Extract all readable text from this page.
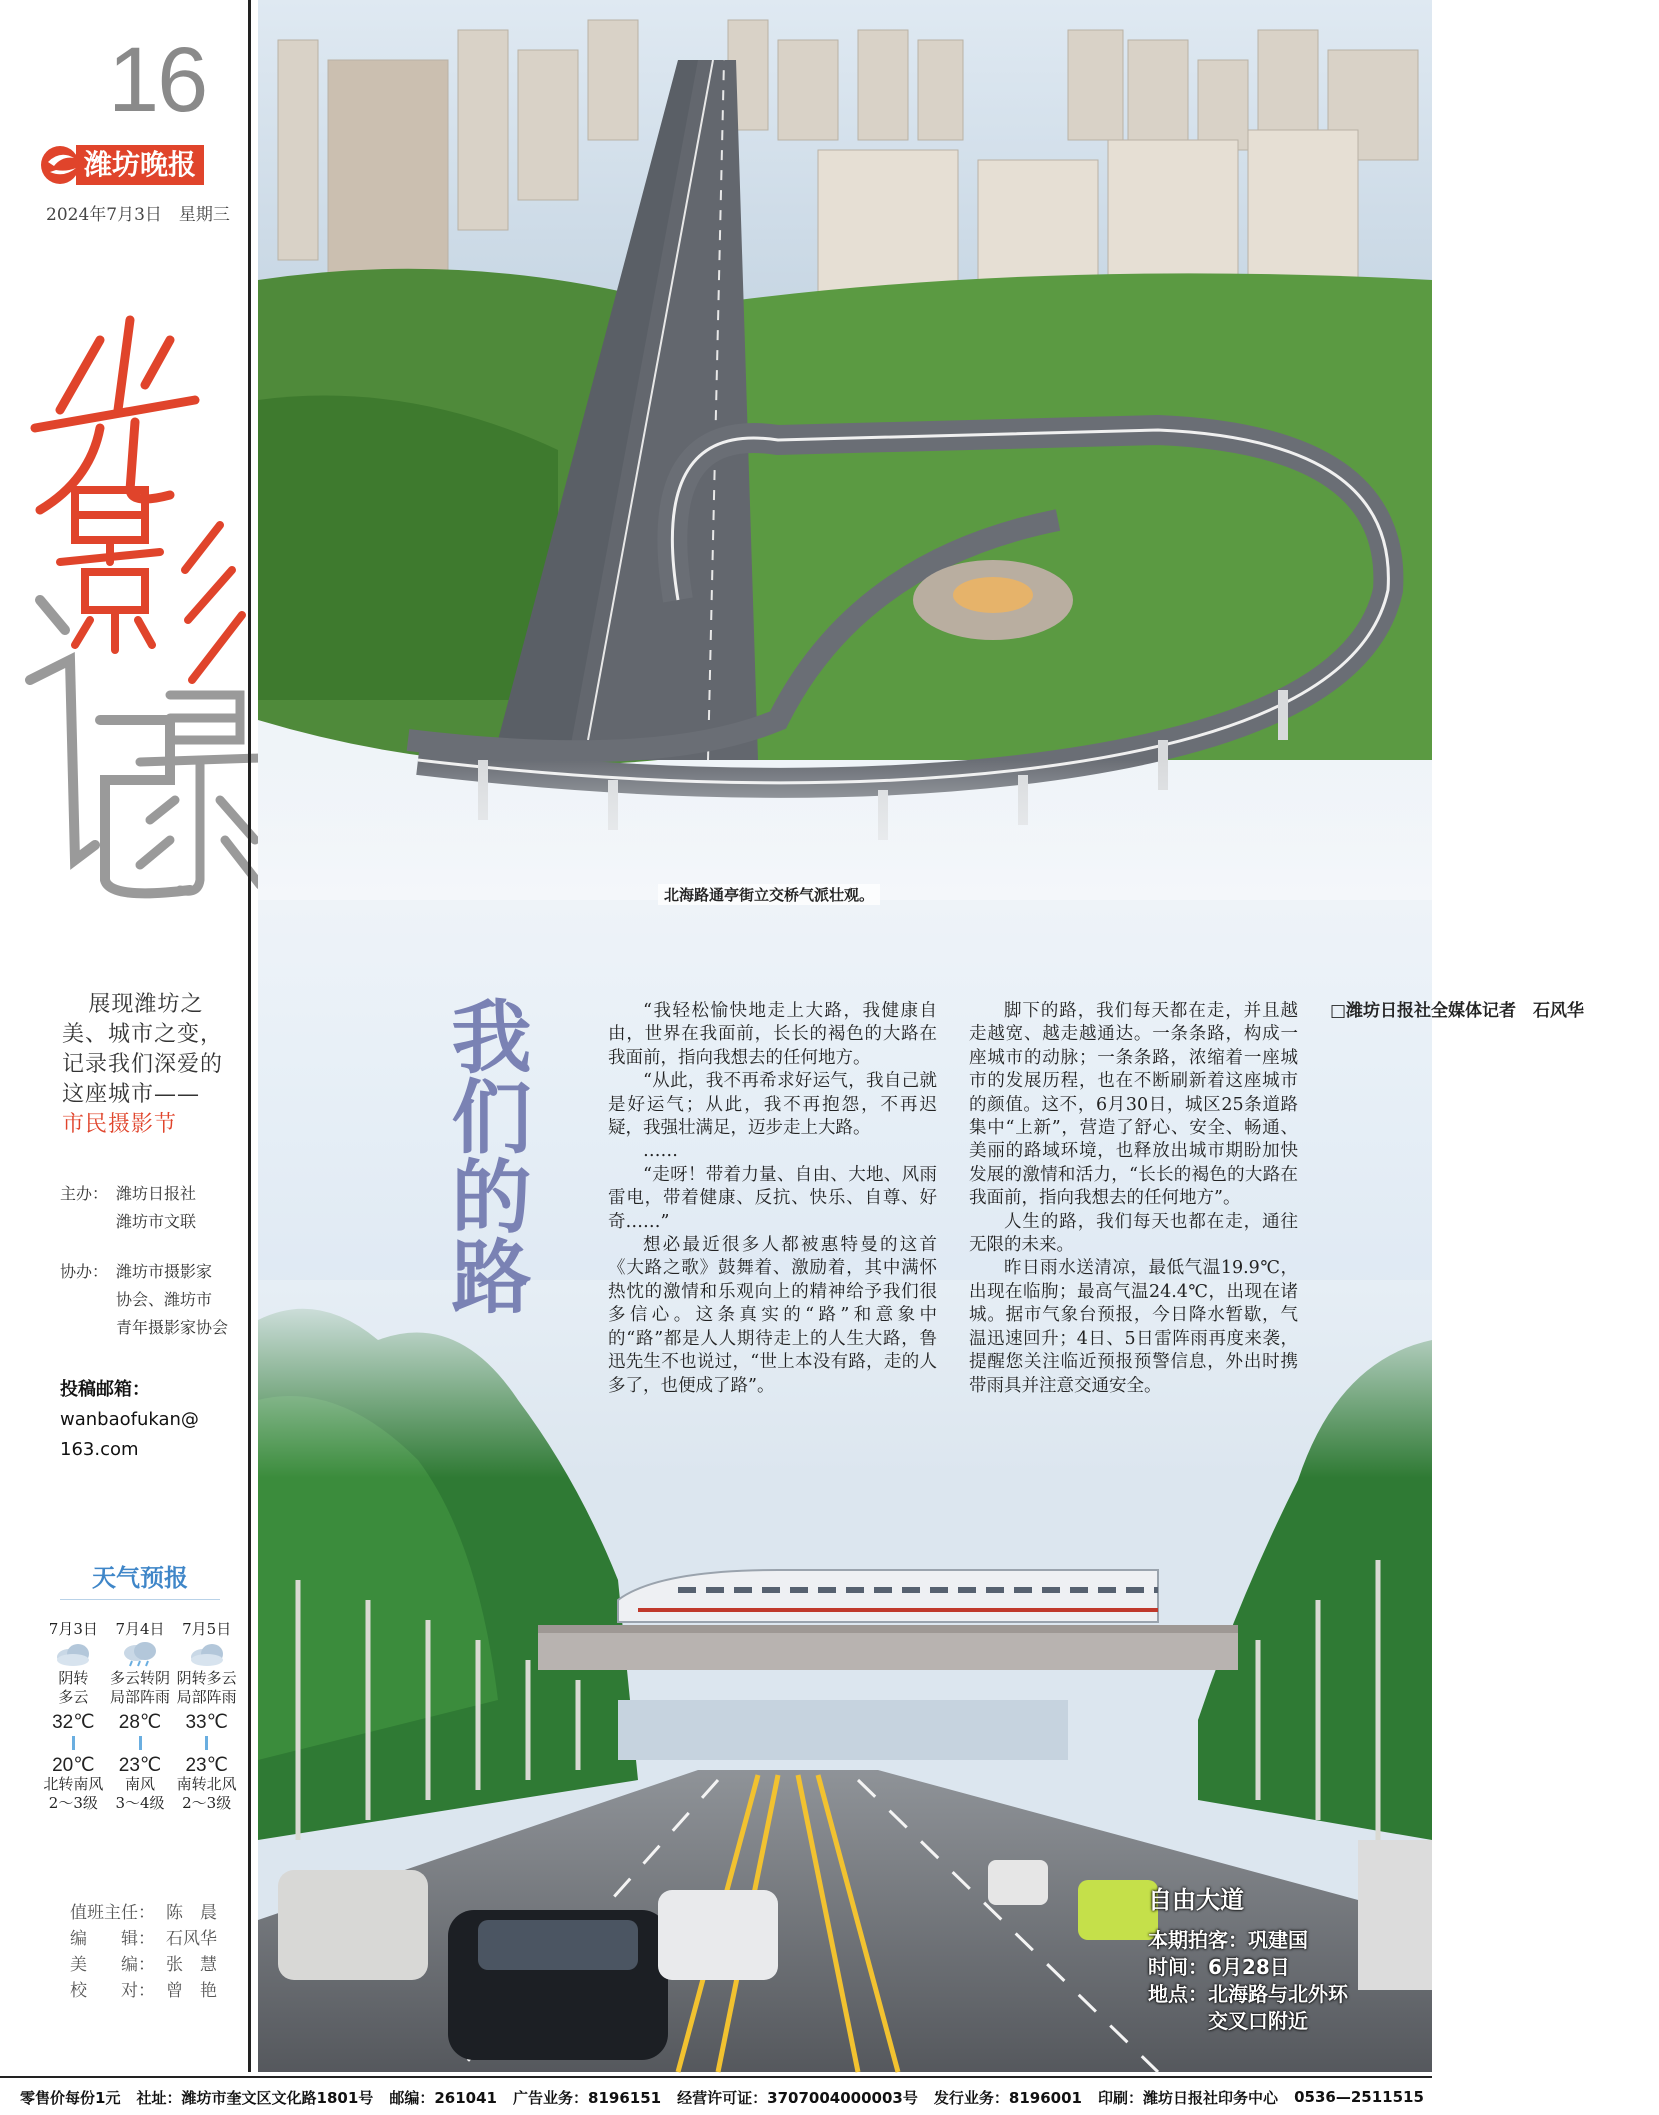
16
潍坊晚报
2024年7月3日　星期三
展现潍坊之
美、城市之变，
记录我们深爱的
这座城市——
市民摄影节
主办： 潍坊日报社
潍坊市文联
协办： 潍坊市摄影家
协会、潍坊市
青年摄影家协会
投稿邮箱：
wanbaofukan@
163.com
天气预报
7月3日
阴转
多云
32℃
20℃
北转南风
2～3级
7月4日
多云转阴
局部阵雨
28℃
23℃
南风
3～4级
7月5日
阴转多云
局部阵雨
33℃
23℃
南转北风
2～3级
值班主任： 陈　晨
编　　辑： 石风华
美　　编： 张　慧
校　　对： 曾　艳
北海路通亭街立交桥气派壮观。
我们的路	“我轻松愉快地走上大路，我健康自由，世界在我面前，长长的褐色的大路在我面前，指向我想去的任何地方。

“从此，我不再希求好运气，我自己就是好运气；从此，我不再抱怨，不再迟疑，我强壮满足，迈步走上大路。

……

“走呀！带着力量、自由、大地、风雨雷电，带着健康、反抗、快乐、自尊、好奇……”

想必最近很多人都被惠特曼的这首《大路之歌》鼓舞着、激励着，其中满怀热忱的激情和乐观向上的精神给予我们很多信心。这条真实的“路”和意象中的“路”都是人人期待走上的人生大路，鲁迅先生不也说过，“世上本没有路，走的人多了，也便成了路”。

脚下的路，我们每天都在走，并且越走越宽、越走越通达。一条条路，构成一座城市的动脉；一条条路，浓缩着一座城市的发展历程，也在不断刷新着这座城市的颜值。这不，6月30日，城区25条道路集中“上新”，营造了舒心、安全、畅通、美丽的路域环境，也释放出城市期盼加快发展的激情和活力，“长长的褐色的大路在我面前，指向我想去的任何地方”。

人生的路，我们每天也都在走，通往无限的未来。

昨日雨水送清凉，最低气温19.9℃，出现在临朐；最高气温24.4℃，出现在诸城。据市气象台预报，今日降水暂歇，气温迅速回升；4日、5日雷阵雨再度来袭，提醒您关注临近预报预警信息，外出时携带雨具并注意交通安全。

□潍坊日报社全媒体记者　石风华

自由大道
本期拍客： 巩建国
时间： 6月28日
地点： 北海路与北外环
交叉口附近
零售价每份1元 社址：潍坊市奎文区文化路1801号 邮编：261041 广告业务：8196151 经营许可证：3707004000003号 发行业务：8196001 印刷：潍坊日报社印务中心 0536—2511515
